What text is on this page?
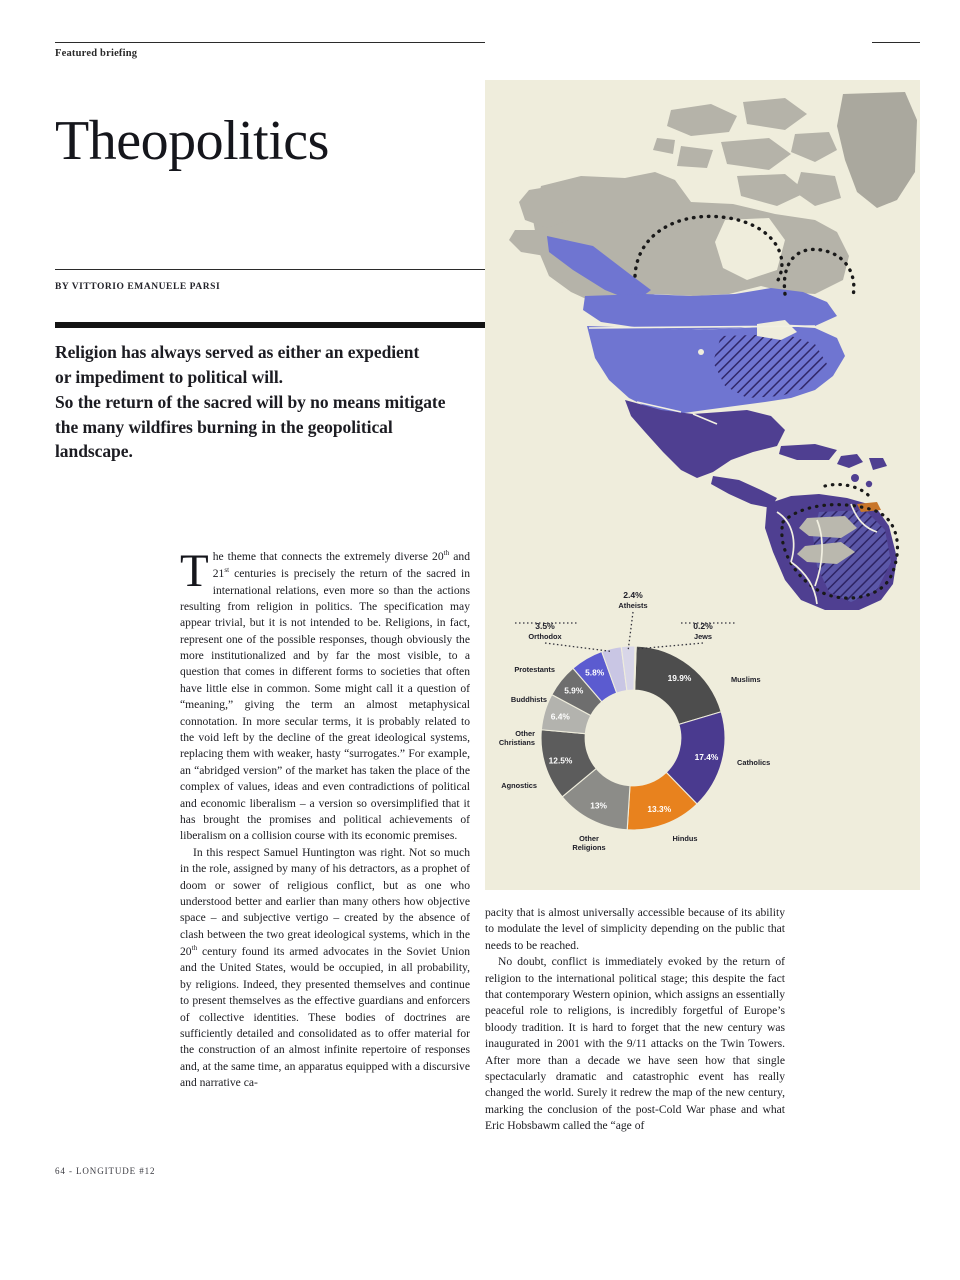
Featured briefing
Theopolitics
BY VITTORIO EMANUELE PARSI
Religion has always served as either an expedient
or impediment to political will.
So the return of the sacred will by no means mitigate
the many wildfires burning in the geopolitical
landscape.

The theme that connects the extremely diverse 20th and 21st centuries is precisely the return of the sacred in international relations, even more so than the actions resulting from religion in politics. The specification may appear trivial, but it is not intended to be. Religions, in fact, represent one of the possible responses, though obviously the more institutionalized and by far the most visible, to a question that comes in different forms to societies that often have little else in common. Some might call it a question of “meaning,” giving the term an almost metaphysical connotation. In more secular terms, it is probably related to the void left by the decline of the great ideological systems, replacing them with weaker, hasty “surrogates.” For example, an “abridged version” of the market has taken the place of the complex of values, ideas and even contradictions of political and economic liberalism – a version so oversimplified that it has brought the promises and political achievements of liberalism on a collision course with its economic premises.

In this respect Samuel Huntington was right. Not so much in the role, assigned by many of his detractors, as a prophet of doom or sower of religious conflict, but as one who understood better and earlier than many others how objective space – and subjective vertigo – created by the absence of clash between the two great ideological systems, which in the 20th century found its armed advocates in the Soviet Union and the United States, would be occupied, in all probability, by religions. Indeed, they presented themselves and continue to present themselves as the effective guardians and enforcers of collective identities. These bodies of doctrines are sufficiently detailed and consolidated as to offer material for the construction of an almost infinite repertoire of responses and, at the same time, an apparatus equipped with a discursive and narrative ca-

pacity that is almost universally accessible because of its ability to modulate the level of simplicity depending on the public that needs to be reached.

No doubt, conflict is immediately evoked by the return of religion to the international political stage; this despite the fact that contemporary Western opinion, which assigns an essentially peaceful role to religions, is incredibly forgetful of Europe’s bloody tradition. It is hard to forget that the new century was inaugurated in 2001 with the 9/11 attacks on the Twin Towers. After more than a decade we have seen how that single spectacularly dramatic and catastrophic event has really changed the world. Surely it redrew the map of the new century, marking the conclusion of the post-Cold War phase and what Eric Hobsbawm called the “age of

64 - LONGITUDE #12
19.9%
17.4%
13.3%
13%
12.5%
6.4%
5.9%
5.8%
Muslims
Catholics
Hindus
Other
Religions
Agnostics
Other
Christians
Buddhists
Protestants
3.5%
Orthodox
2.4%
Atheists
0.2%
Jews
